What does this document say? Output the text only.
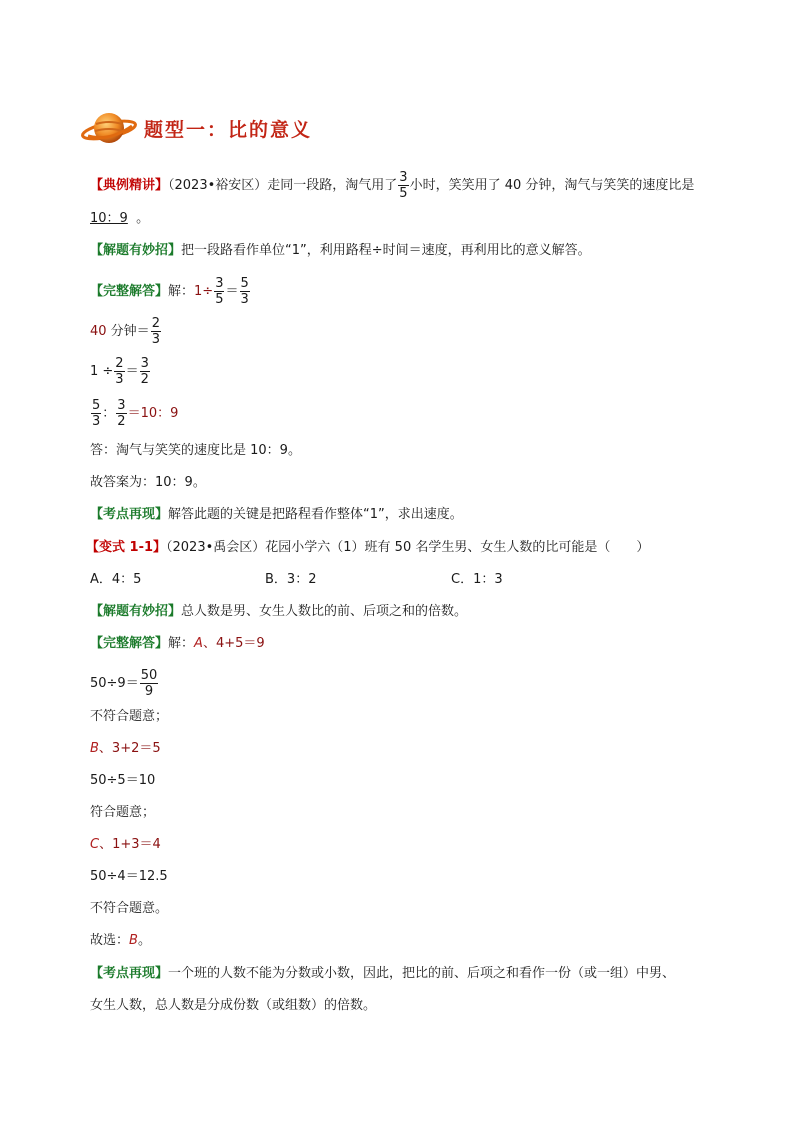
题型一：比的意义
【典例精讲】（2023•裕安区）走同一段路，淘气用了 $\frac{3}{5}$ 小时，笑笑用了 40 分钟，淘气与笑笑的速度比是
10：9 。
【解题有妙招】把一段路看作单位“1”，利用路程÷时间＝速度，再利用比的意义解答。
【完整解答】解：$1\div \frac{3}{5} = \frac{5}{3}$
40 分钟＝ $\frac{2}{3}$
$1 \div \frac{2}{3} = \frac{3}{2}$
$\frac{5}{3}$ ： $\frac{3}{2} =10$：9
答：淘气与笑笑的速度比是 10：9。
故答案为：10：9。
【考点再现】解答此题的关键是把路程看作整体“1”，求出速度。
【变式 1-1】（2023•禹会区）花园小学六（1）班有 50 名学生男、女生人数的比可能是（　　）
A．4：5	B．3：2	C．1：3
【解题有妙招】总人数是男、女生人数比的前、后项之和的倍数。
【完整解答】解：A、4+5＝9
$50\div 9= \frac{50}{9}$
不符合题意；
B、3+2＝5
50÷5＝10
符合题意；
C、1+3＝4
50÷4＝12.5
不符合题意。
故选：B。
【考点再现】一个班的人数不能为分数或小数，因此，把比的前、后项之和看作一份（或一组）中男、
女生人数，总人数是分成份数（或组数）的倍数。
